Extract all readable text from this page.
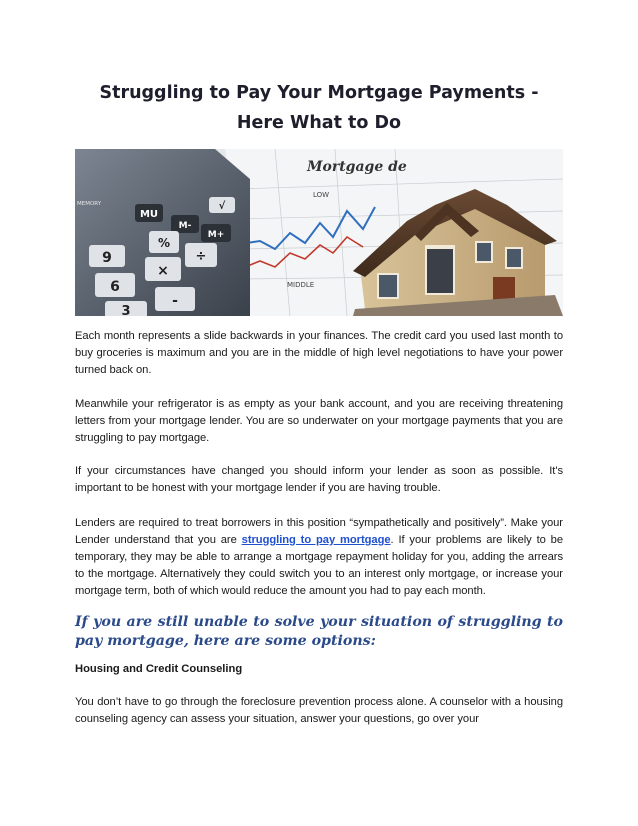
Struggling to Pay Your Mortgage Payments - Here What to Do
Mortgage de
LOW
MIDDLE
MEMORY
MU
M-
M+
%
÷
9
6
3
×
-
√

Each month represents a slide backwards in your finances. The credit card you used last month to buy groceries is maximum and you are in the middle of high level negotiations to have your power turned back on.

Meanwhile your refrigerator is as empty as your bank account, and you are receiving threatening letters from your mortgage lender. You are so underwater on your mortgage payments that you are struggling to pay mortgage.

If your circumstances have changed you should inform your lender as soon as possible. It's important to be honest with your mortgage lender if you are having trouble.

Lenders are required to treat borrowers in this position “sympathetically and positively”. Make your Lender understand that you are struggling to pay mortgage. If your problems are likely to be temporary, they may be able to arrange a mortgage repayment holiday for you, adding the arrears to the mortgage. Alternatively they could switch you to an interest only mortgage, or increase your mortgage term, both of which would reduce the amount you had to pay each month.

If you are still unable to solve your situation of struggling to pay mortgage, here are some options:
Housing and Credit Counseling

You don’t have to go through the foreclosure prevention process alone. A counselor with a housing counseling agency can assess your situation, answer your questions, go over your
